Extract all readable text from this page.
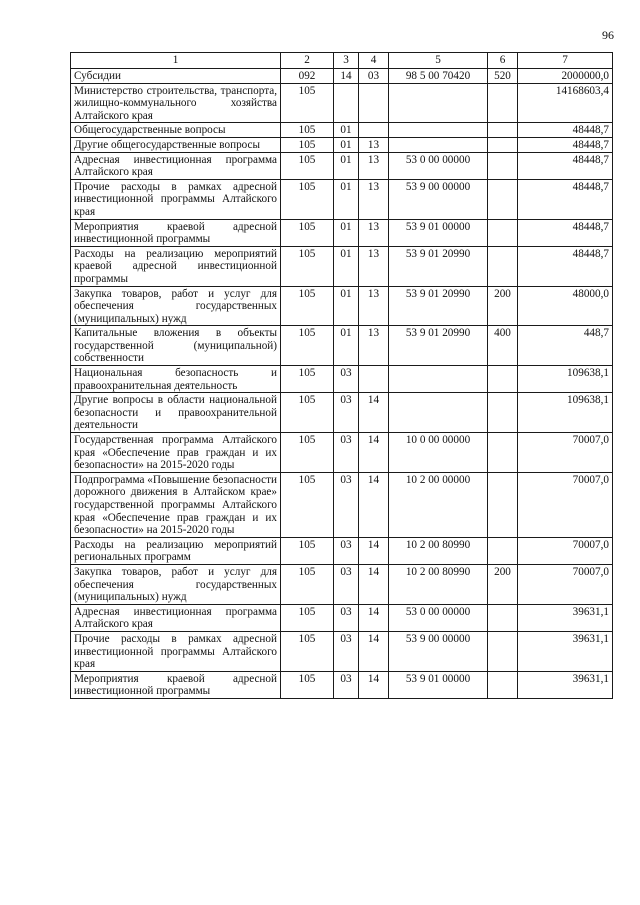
96
1	2	3	4	5	6	7
Субсидии	092	14	03	98 5 00 70420	520	2000000,0
Министерство строительства, транспорта, жилищно-коммунального хозяйства Алтайского края	105					14168603,4
Общегосударственные вопросы	105	01				48448,7
Другие общегосударственные вопросы	105	01	13			48448,7
Адресная инвестиционная программа Алтайского края	105	01	13	53 0 00 00000		48448,7
Прочие расходы в рамках адресной инвестиционной программы Алтайского края	105	01	13	53 9 00 00000		48448,7
Мероприятия краевой адресной инвестиционной программы	105	01	13	53 9 01 00000		48448,7
Расходы на реализацию мероприятий краевой адресной инвестиционной программы	105	01	13	53 9 01 20990		48448,7
Закупка товаров, работ и услуг для обеспечения государственных (муниципальных) нужд	105	01	13	53 9 01 20990	200	48000,0
Капитальные вложения в объекты государственной (муниципальной) собственности	105	01	13	53 9 01 20990	400	448,7
Национальная безопасность и правоохранительная деятельность	105	03				109638,1
Другие вопросы в области национальной безопасности и правоохранительной деятельности	105	03	14			109638,1
Государственная программа Алтайского края «Обеспечение прав граждан и их безопасности» на 2015-2020 годы	105	03	14	10 0 00 00000		70007,0
Подпрограмма «Повышение безопасности дорожного движения в Алтайском крае» государственной программы Алтайского края «Обеспечение прав граждан и их безопасности» на 2015-2020 годы	105	03	14	10 2 00 00000		70007,0
Расходы на реализацию мероприятий региональных программ	105	03	14	10 2 00 80990		70007,0
Закупка товаров, работ и услуг для обеспечения государственных (муниципальных) нужд	105	03	14	10 2 00 80990	200	70007,0
Адресная инвестиционная программа Алтайского края	105	03	14	53 0 00 00000		39631,1
Прочие расходы в рамках адресной инвестиционной программы Алтайского края	105	03	14	53 9 00 00000		39631,1
Мероприятия краевой адресной инвестиционной программы	105	03	14	53 9 01 00000		39631,1
